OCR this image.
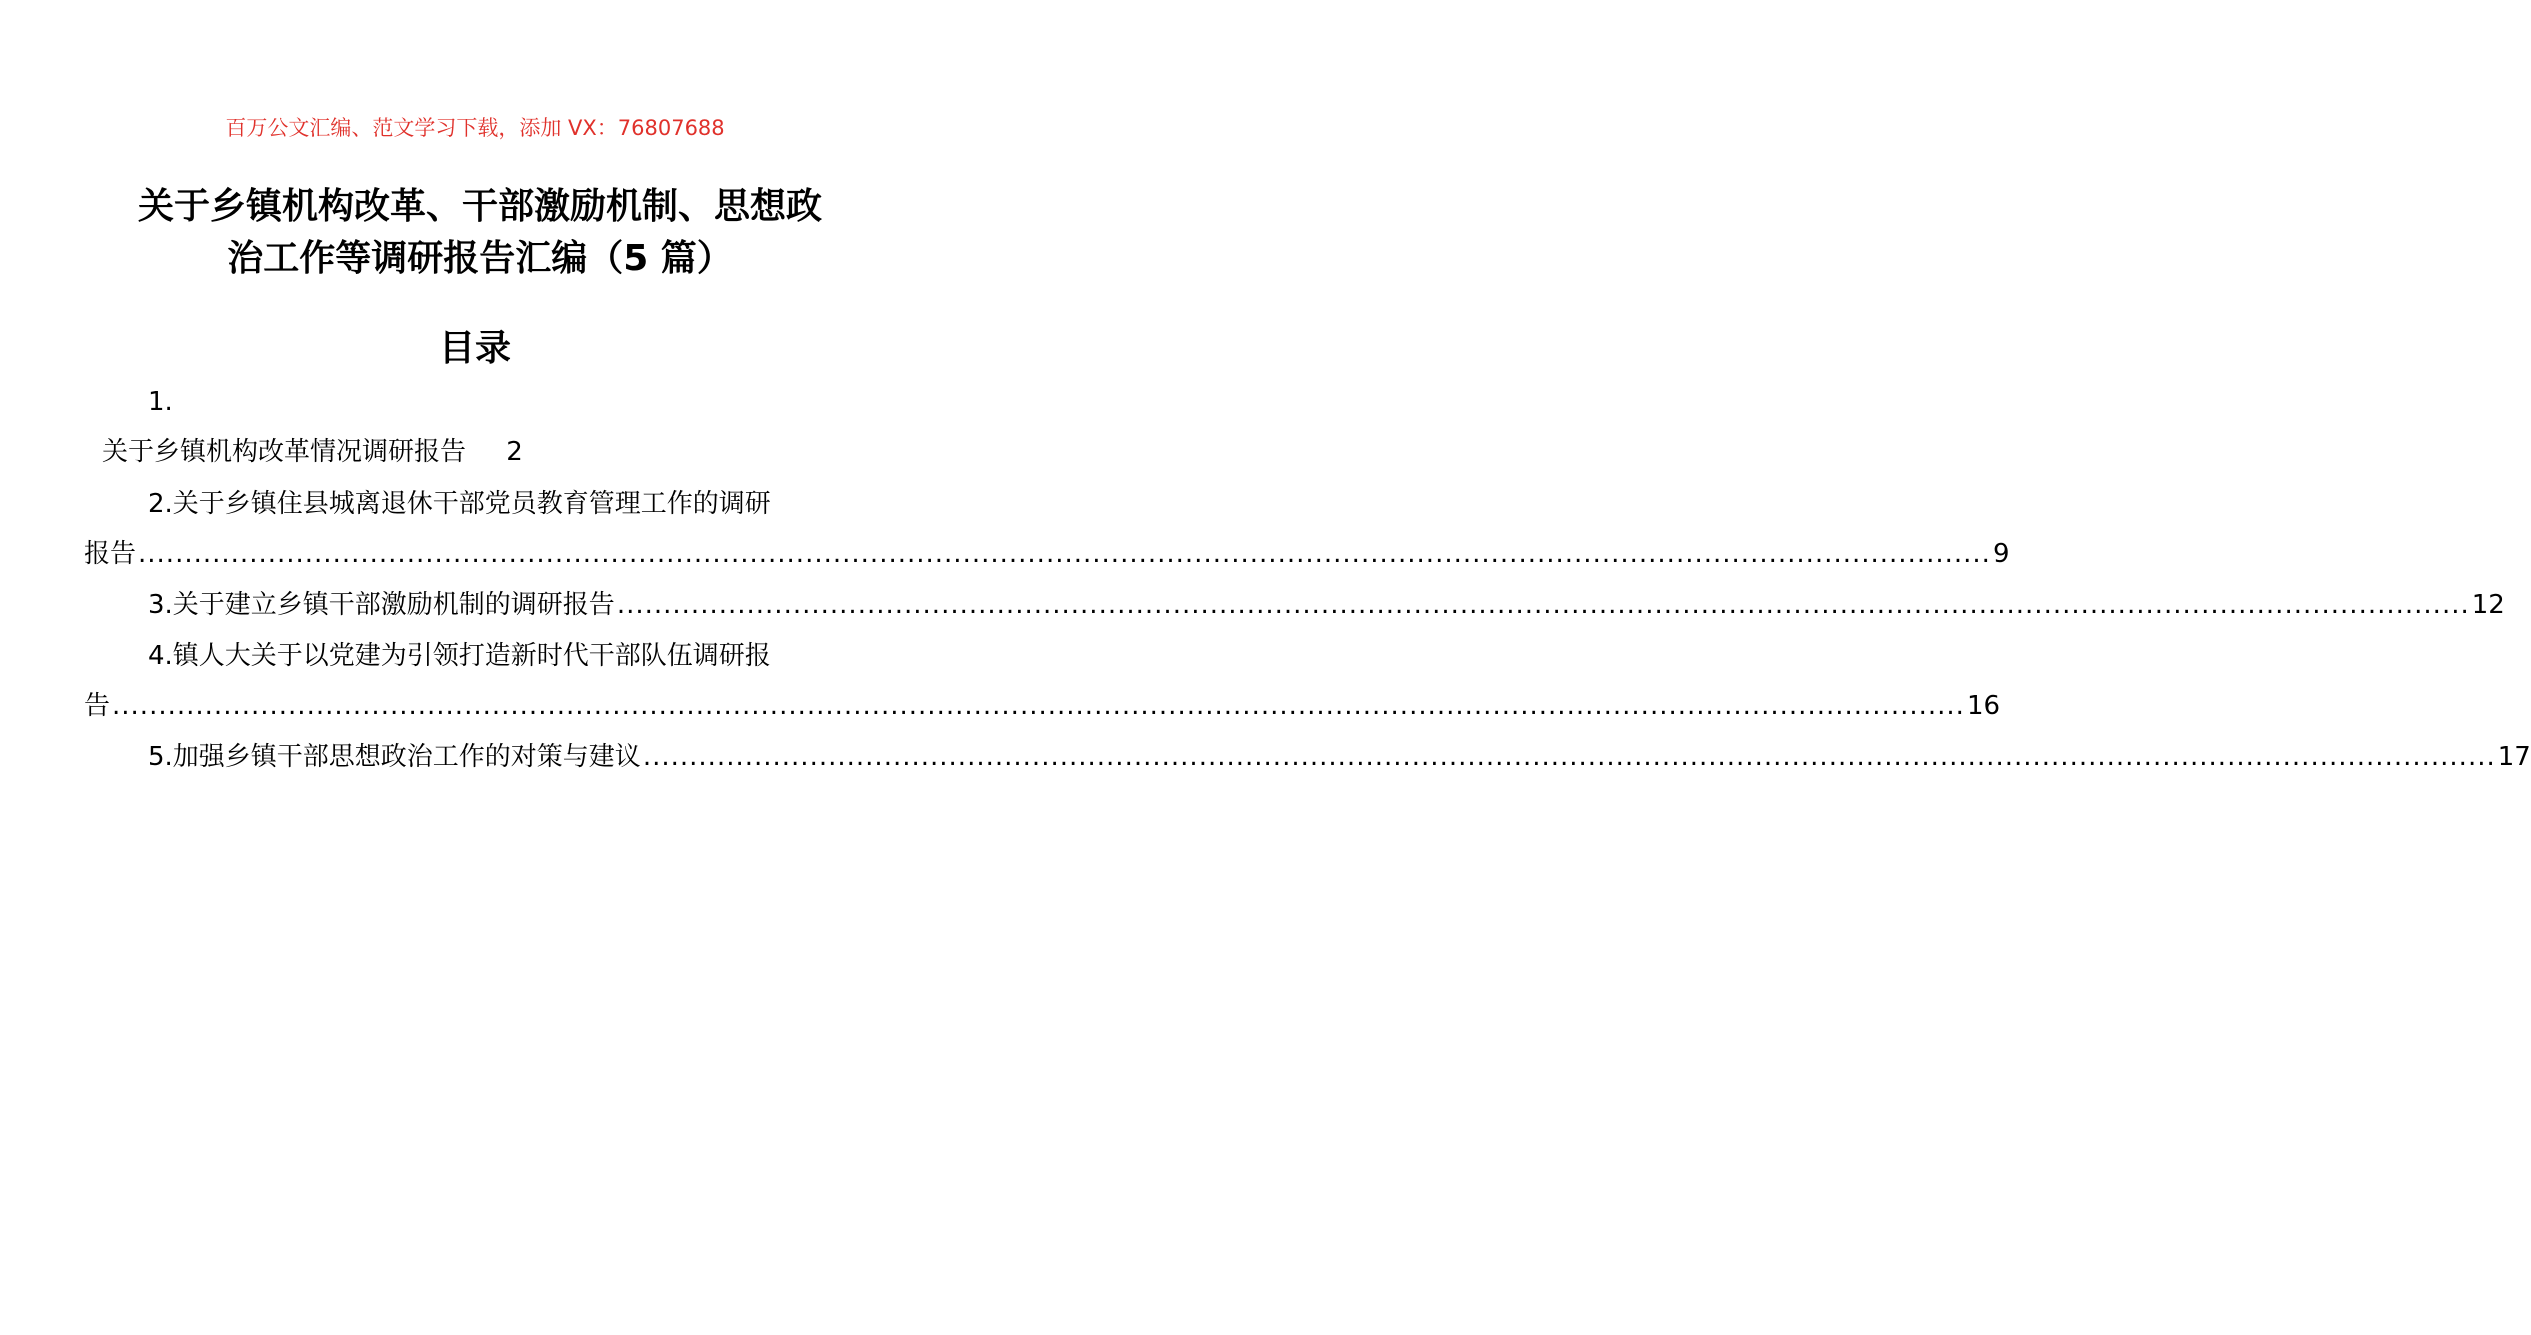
百万公文汇编、范文学习下载，添加 VX：76807688
关于乡镇机构改革、干部激励机制、思想政
治工作等调研报告汇编（5 篇）
目录
1.
关于乡镇机构改革情况调研报告 2
2.关于乡镇住县城离退休干部党员教育管理工作的调研
报告 ........................................................................................................................................................................................................ 9
3.关于建立乡镇干部激励机制的调研报告 ........................................................................................................................................................................................................ 12
4.镇人大关于以党建为引领打造新时代干部队伍调研报
告 ........................................................................................................................................................................................................ 16
5.加强乡镇干部思想政治工作的对策与建议 ........................................................................................................................................................................................................ 17
